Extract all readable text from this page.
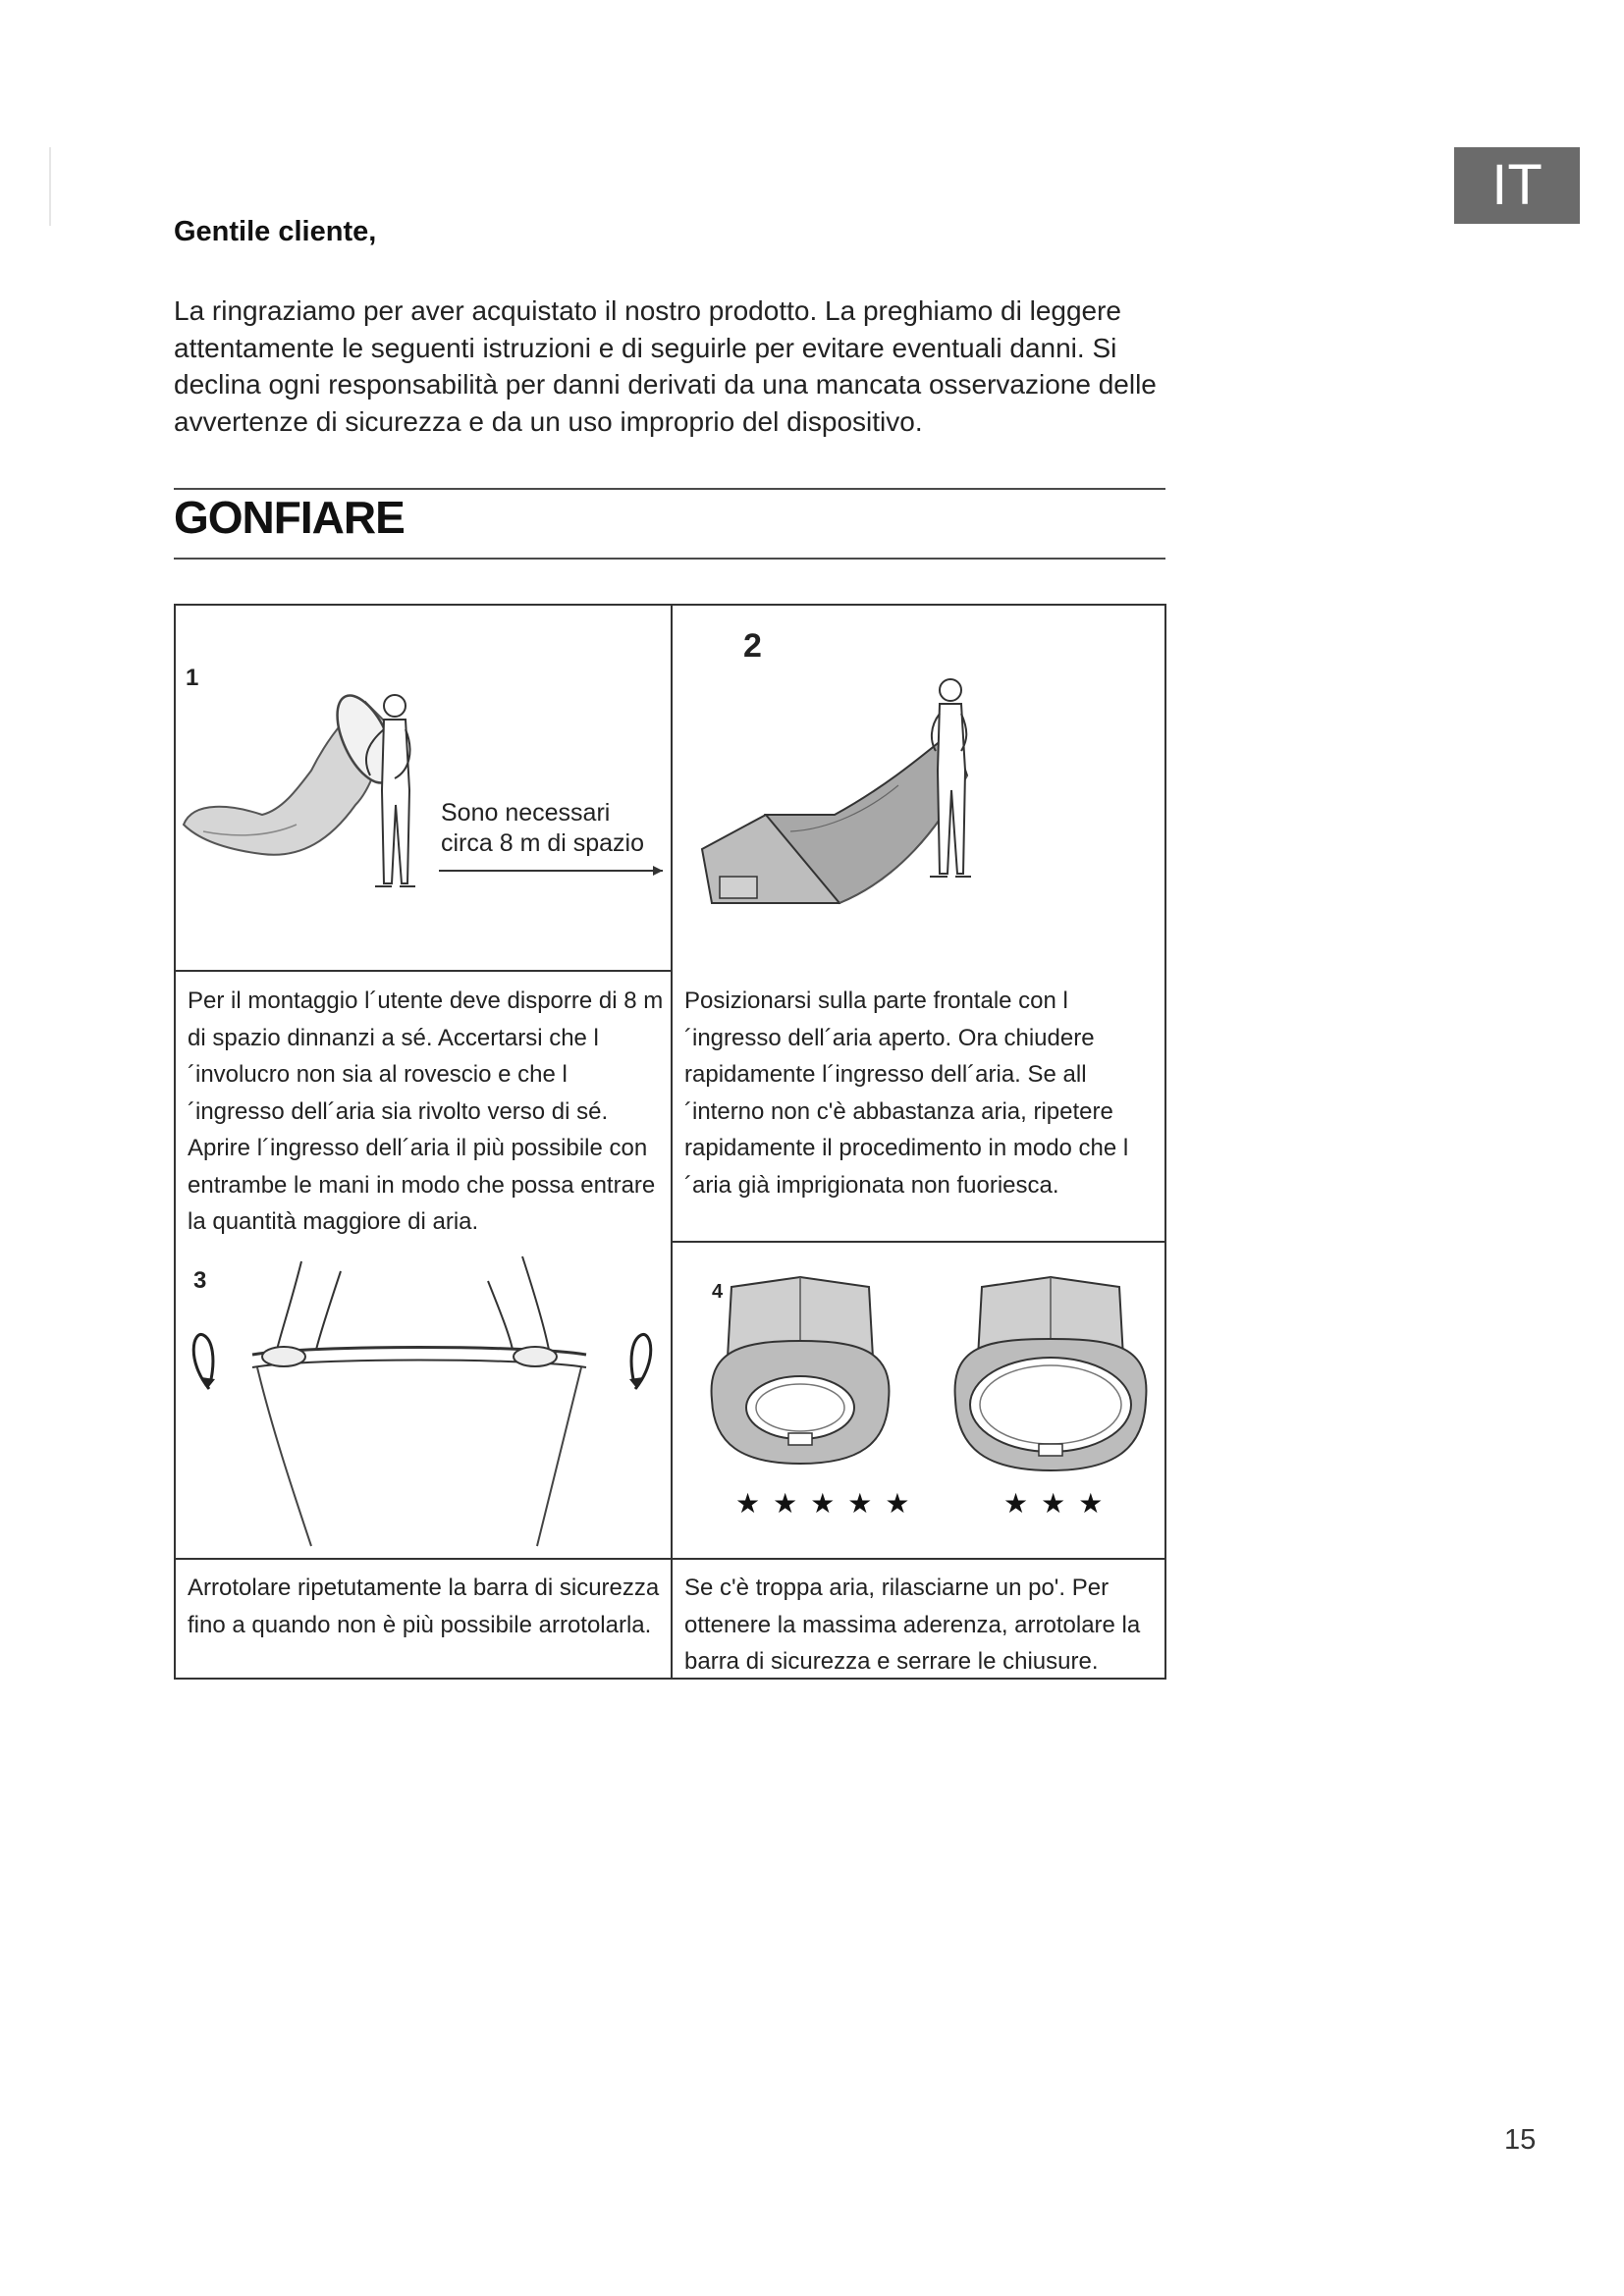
IT
Gentile cliente,
La ringraziamo per aver acquistato il nostro prodotto. La preghiamo di leggere attentamente le seguenti istruzioni e di seguirle per evitare eventuali danni. Si declina ogni responsabilità per danni derivati da una mancata osservazione delle avvertenze di sicurezza e da un uso improprio del dispositivo.
GONFIARE
1
Sono necessari
circa 8 m di spazio
Per il montaggio l´utente deve disporre di 8 m di spazio dinnanzi a sé. Accertarsi che l´involucro non sia al rovescio e che l´ingresso dell´aria sia rivolto verso di sé. Aprire l´ingresso dell´aria il più possibile con entrambe le mani in modo che possa entrare la quantità maggiore di aria.
2
Posizionarsi sulla parte frontale con l´ingresso dell´aria aperto. Ora chiudere rapidamente l´ingresso dell´aria. Se all´interno non c'è abbastanza aria, ripetere rapidamente il procedimento in modo che l´aria già imprigionata non fuoriesca.
3	4
★★★★★	★★★
Arrotolare ripetutamente la barra di sicurezza fino a quando non è più possibile arrotolarla.
Se c'è troppa aria, rilasciarne un po'. Per ottenere la massima aderenza, arrotolare la barra di sicurezza e serrare le chiusure.
15
